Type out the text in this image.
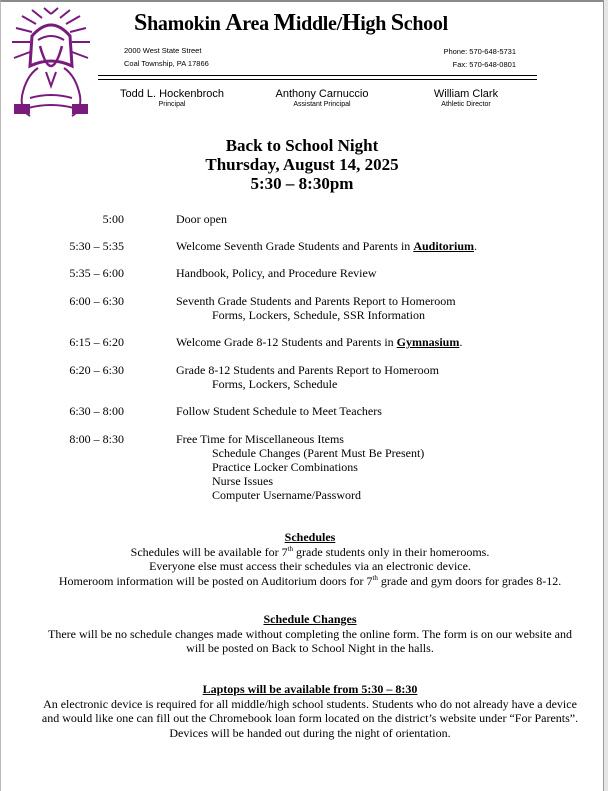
Shamokin Area Middle/High School
2000 West State Street
Coal Township, PA 17866
Phone: 570-648-5731
Fax: 570-648-0801
Todd L. Hockenbroch
Principal
Anthony Carnuccio
Assistant Principal
William Clark
Athletic Director
Back to School Night
Thursday, August 14, 2025
5:30 – 8:30pm
5:00	Door open
5:30 – 5:35	Welcome Seventh Grade Students and Parents in Auditorium.
5:35 – 6:00	Handbook, Policy, and Procedure Review
6:00 – 6:30	Seventh Grade Students and Parents Report to Homeroom
Forms, Lockers, Schedule, SSR Information
6:15 – 6:20	Welcome Grade 8-12 Students and Parents in Gymnasium.
6:20 – 6:30	Grade 8-12 Students and Parents Report to Homeroom
Forms, Lockers, Schedule
6:30 – 8:00	Follow Student Schedule to Meet Teachers
8:00 – 8:30	Free Time for Miscellaneous Items
Schedule Changes (Parent Must Be Present)
Practice Locker Combinations
Nurse Issues
Computer Username/Password
Schedules
Schedules will be available for 7th grade students only in their homerooms.
Everyone else must access their schedules via an electronic device.
Homeroom information will be posted on Auditorium doors for 7th grade and gym doors for grades 8-12.
Schedule Changes
There will be no schedule changes made without completing the online form. The form is on our website and
will be posted on Back to School Night in the halls.
Laptops will be available from 5:30 – 8:30
An electronic device is required for all middle/high school students. Students who do not already have a device
and would like one can fill out the Chromebook loan form located on the district’s website under “For Parents”.
Devices will be handed out during the night of orientation.
